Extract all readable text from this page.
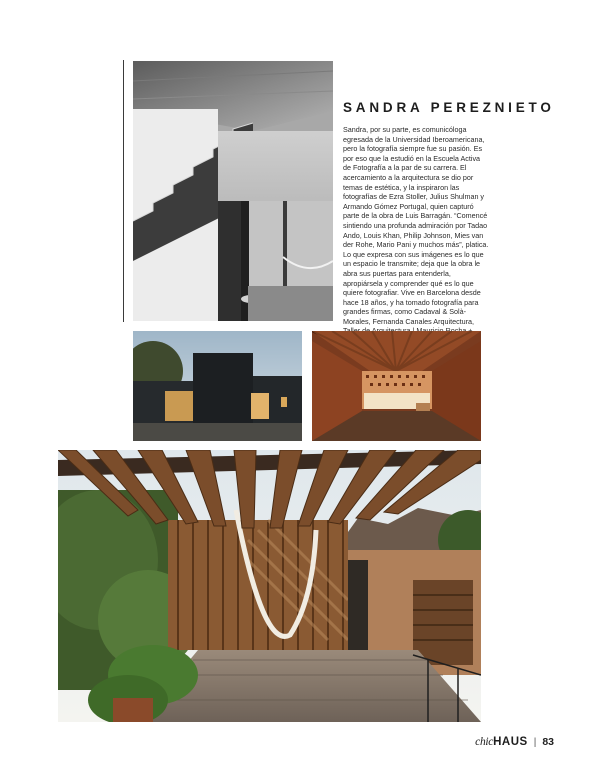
SANDRA PEREZNIETO

Sandra, por su parte, es comunicóloga egresada de la Universidad Iberoamericana, pero la fotografía siempre fue su pasión. Es por eso que la estudió en la Escuela Activa de Fotografía a la par de su carrera. El acercamiento a la arquitectura se dio por temas de estética, y la inspiraron las fotografías de Ezra Stoller, Julius Shulman y Armando Gómez Portugal, quien capturó parte de la obra de Luis Barragán. “Comencé sintiendo una profunda admiración por Tadao Ando, Louis Khan, Philip Johnson, Mies van der Rohe, Mario Pani y muchos más”, platica. Lo que expresa con sus imágenes es lo que un espacio le transmite; deja que la obra le abra sus puertas para entenderla, apropiársela y comprender qué es lo que quiere fotografiar. Vive en Barcelona desde hace 18 años, y ha tomado fotografía para grandes firmas, como Cadaval & Solà-Morales, Fernanda Canales Arquitectura,

chic HAUS | 83
